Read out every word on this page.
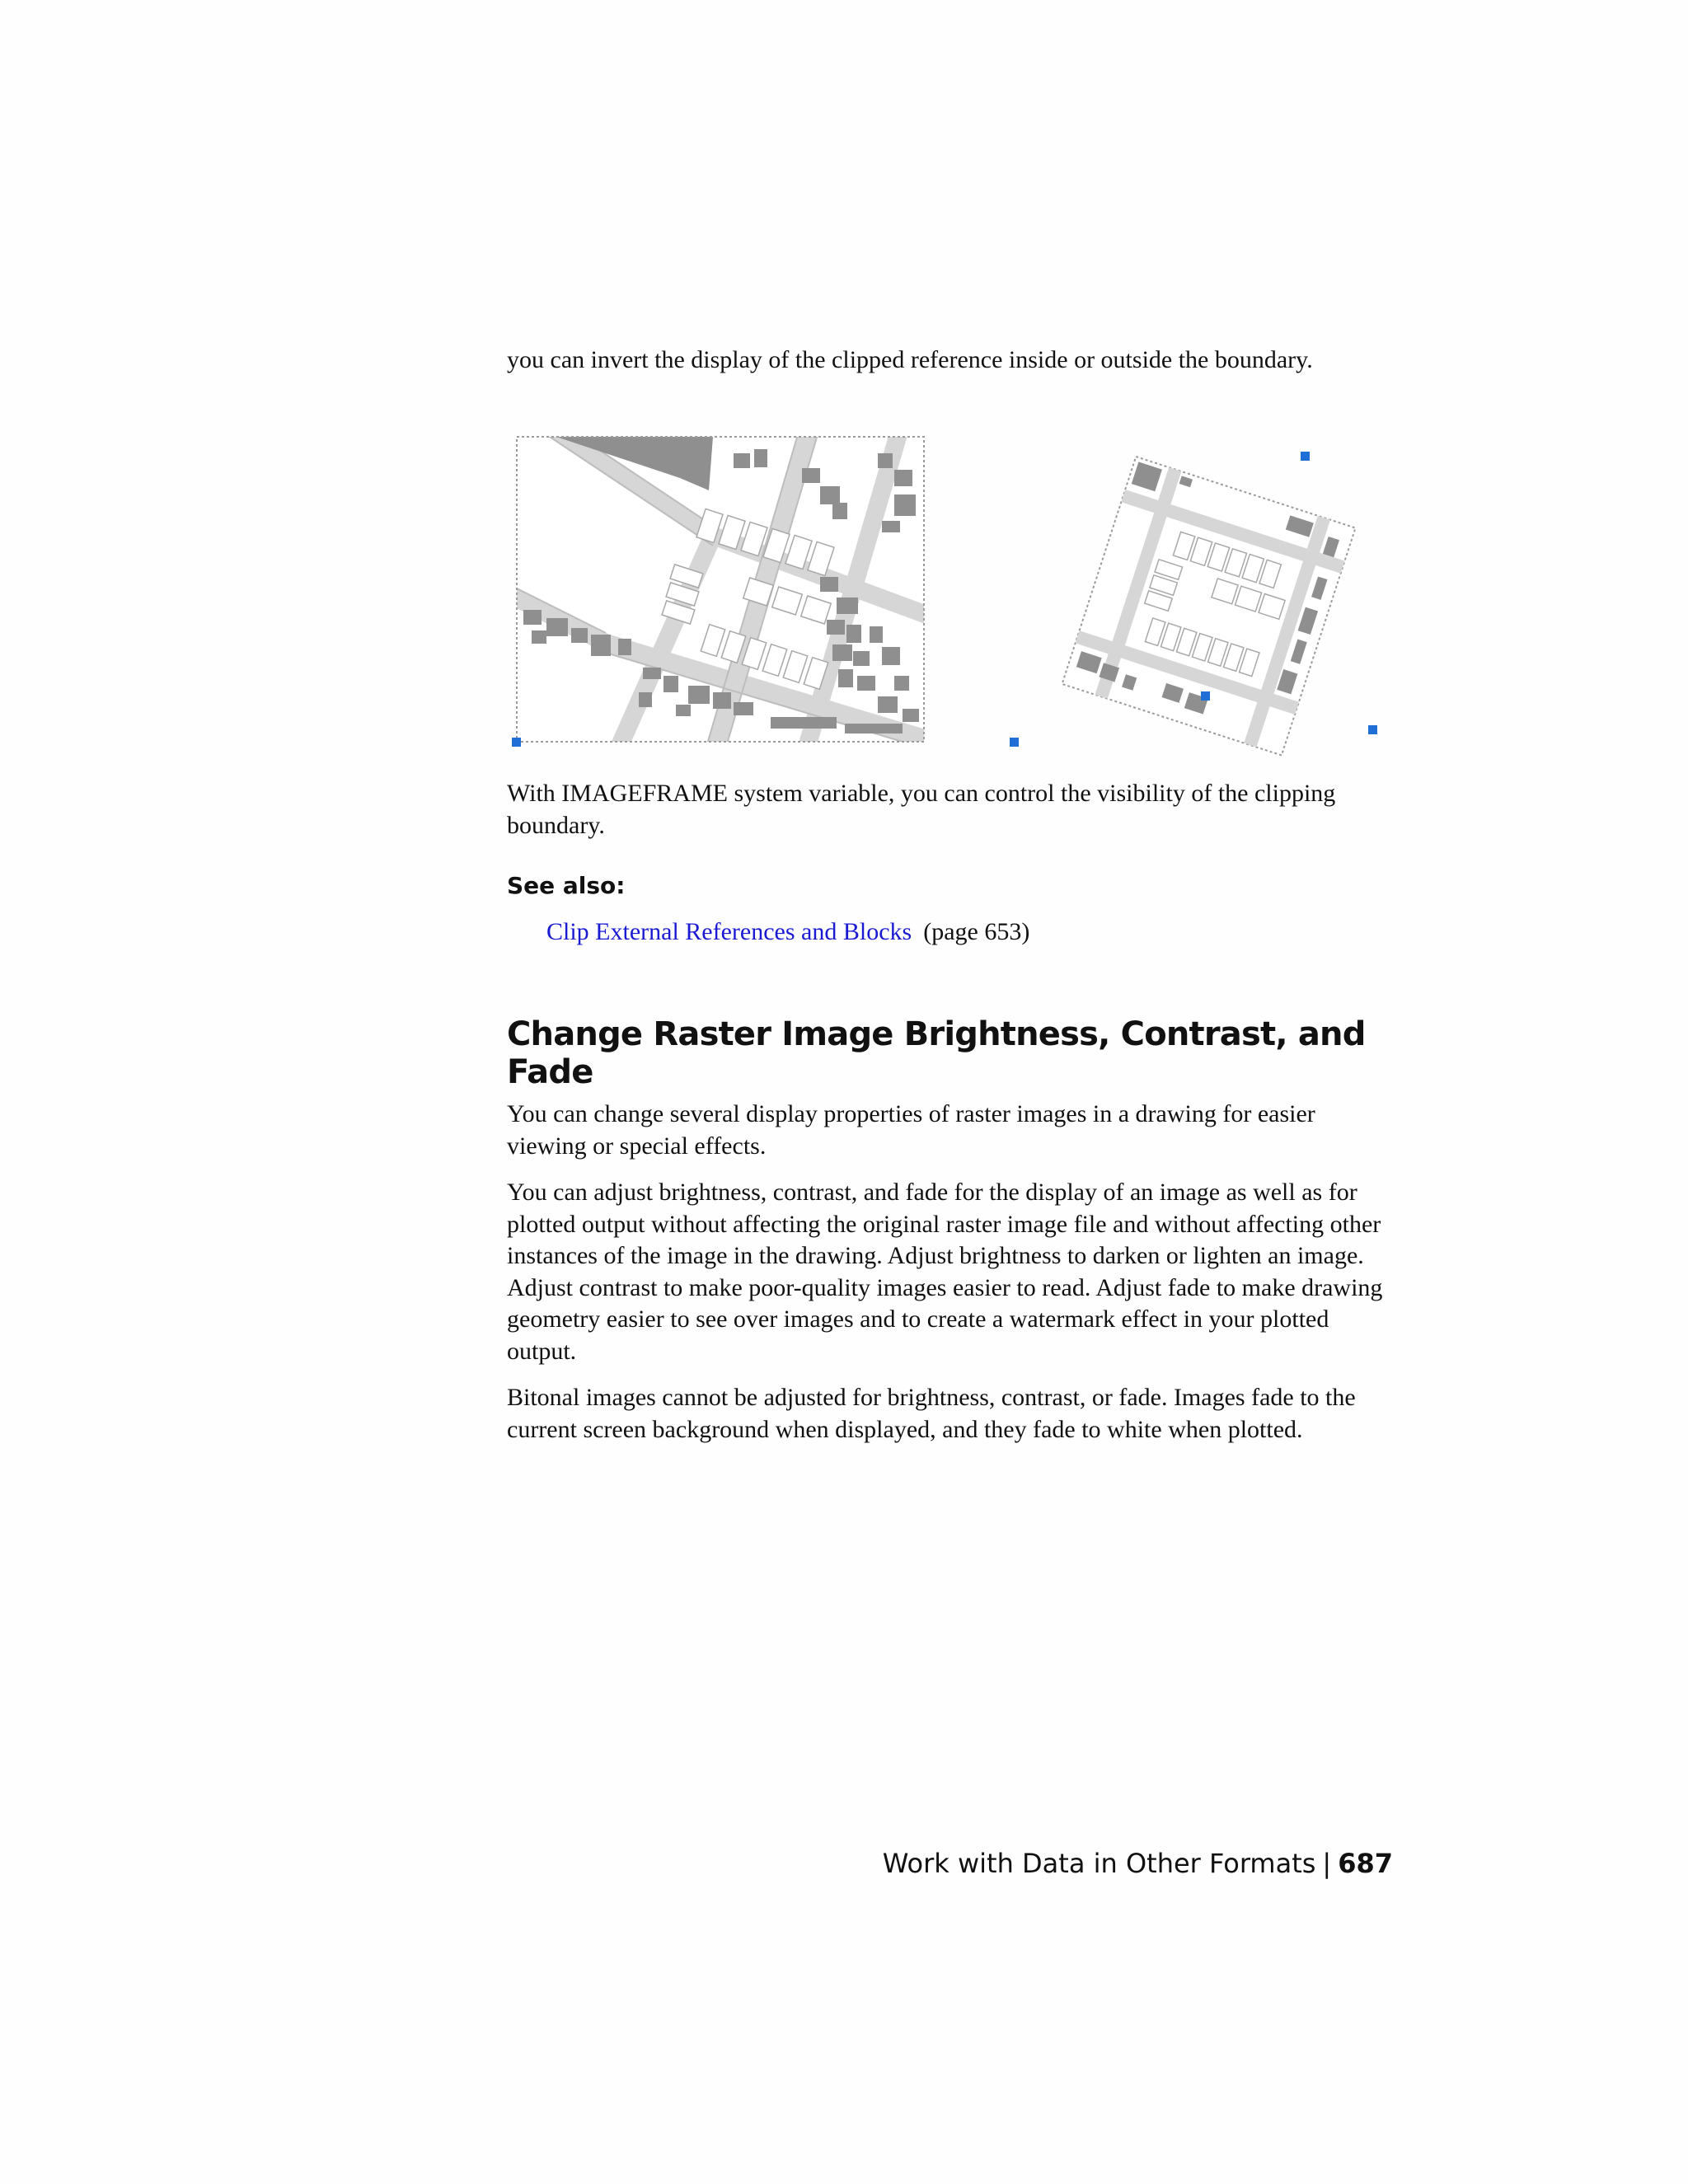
you can invert the display of the clipped reference inside or outside the boundary.

With IMAGEFRAME system variable, you can control the visibility of the clipping boundary.

See also:
Clip External References and Blocks (page 653)
Change Raster Image Brightness, Contrast, and Fade

You can change several display properties of raster images in a drawing for easier viewing or special effects.

You can adjust brightness, contrast, and fade for the display of an image as well as for plotted output without affecting the original raster image file and without affecting other instances of the image in the drawing. Adjust brightness to darken or lighten an image. Adjust contrast to make poor-quality images easier to read. Adjust fade to make drawing geometry easier to see over images and to create a watermark effect in your plotted output.

Bitonal images cannot be adjusted for brightness, contrast, or fade. Images fade to the current screen background when displayed, and they fade to white when plotted.

Work with Data in Other Formats | 687
